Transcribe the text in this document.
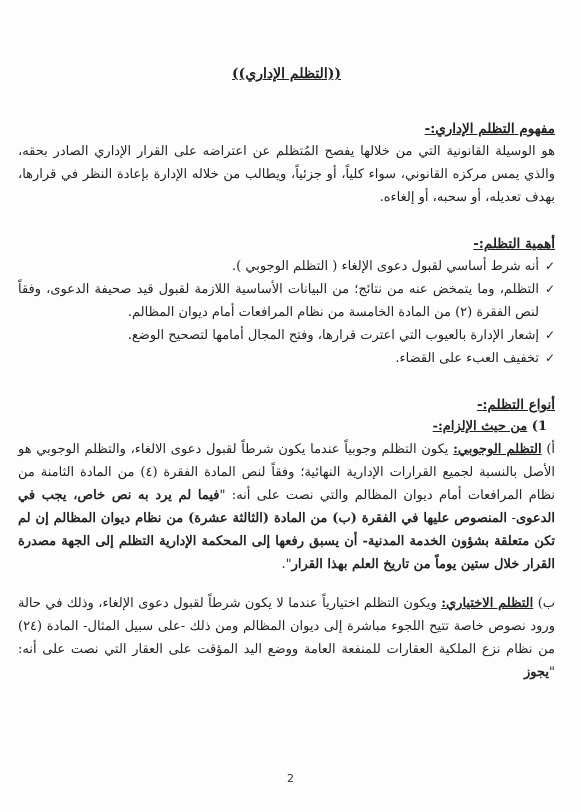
((التظلم الإداري))

مفهوم التظلم الإداري:-

هو الوسيلة القانونية التي من خلالها يفصح المُتظلم عن اعتراضه على القرار الإداري الصادر بحقه، والذي يمس مركزه القانوني، سواء كلياً، أو جزئياً، ويطالب من خلاله الإدارة بإعادة النظر في قرارها، بهدف تعديله، أو سحبه، أو إلغاءه.

أهمية التظلم:-

✓
أنه شرط أساسي لقبول دعوى الإلغاء ( التظلم الوجوبي ).
✓
التظلم، وما يتمخض عنه من نتائج؛ من البيانات الأساسية اللازمة لقبول قيد صحيفة الدعوى، وفقاً لنص الفقرة (٢) من المادة الخامسة من نظام المرافعات أمام ديوان المظالم.
✓
إشعار الإدارة بالعيوب التي اعترت قرارها، وفتح المجال أمامها لتصحيح الوضع.
✓
تخفيف العبء على القضاء.

أنواع التظلم:-

1) من حيث الإلزام:-

أ) التظلم الوجوبي: يكون التظلم وجوبياً عندما يكون شرطاً لقبول دعوى الالغاء، والتظلم الوجوبي هو الأصل بالنسبة لجميع القرارات الإدارية النهائية؛ وفقاً لنص المادة الفقرة (٤) من المادة الثامنة من نظام المرافعات أمام ديوان المظالم والتي نصت على أنه: "فيما لم يرد به نص خاص، يجب في الدعوى- المنصوص عليها في الفقرة (ب) من المادة (الثالثة عشرة) من نظام ديوان المظالم إن لم تكن متعلقة بشؤون الخدمة المدنية- أن يسبق رفعها إلى المحكمة الإدارية التظلم إلى الجهة مصدرة القرار خلال ستين يوماً من تاريخ العلم بهذا القرار".

ب) التظلم الاختياري: ويكون التظلم اختيارياً عندما لا يكون شرطاً لقبول دعوى الإلغاء، وذلك في حالة ورود نصوص خاصة تتيح اللجوء مباشرة إلى ديوان المظالم ومن ذلك -على سبيل المثال- المادة (٢٤) من نظام نزع الملكية العقارات للمنفعة العامة ووضع اليد المؤقت على العقار التي نصت على أنه: "يجوز

2
